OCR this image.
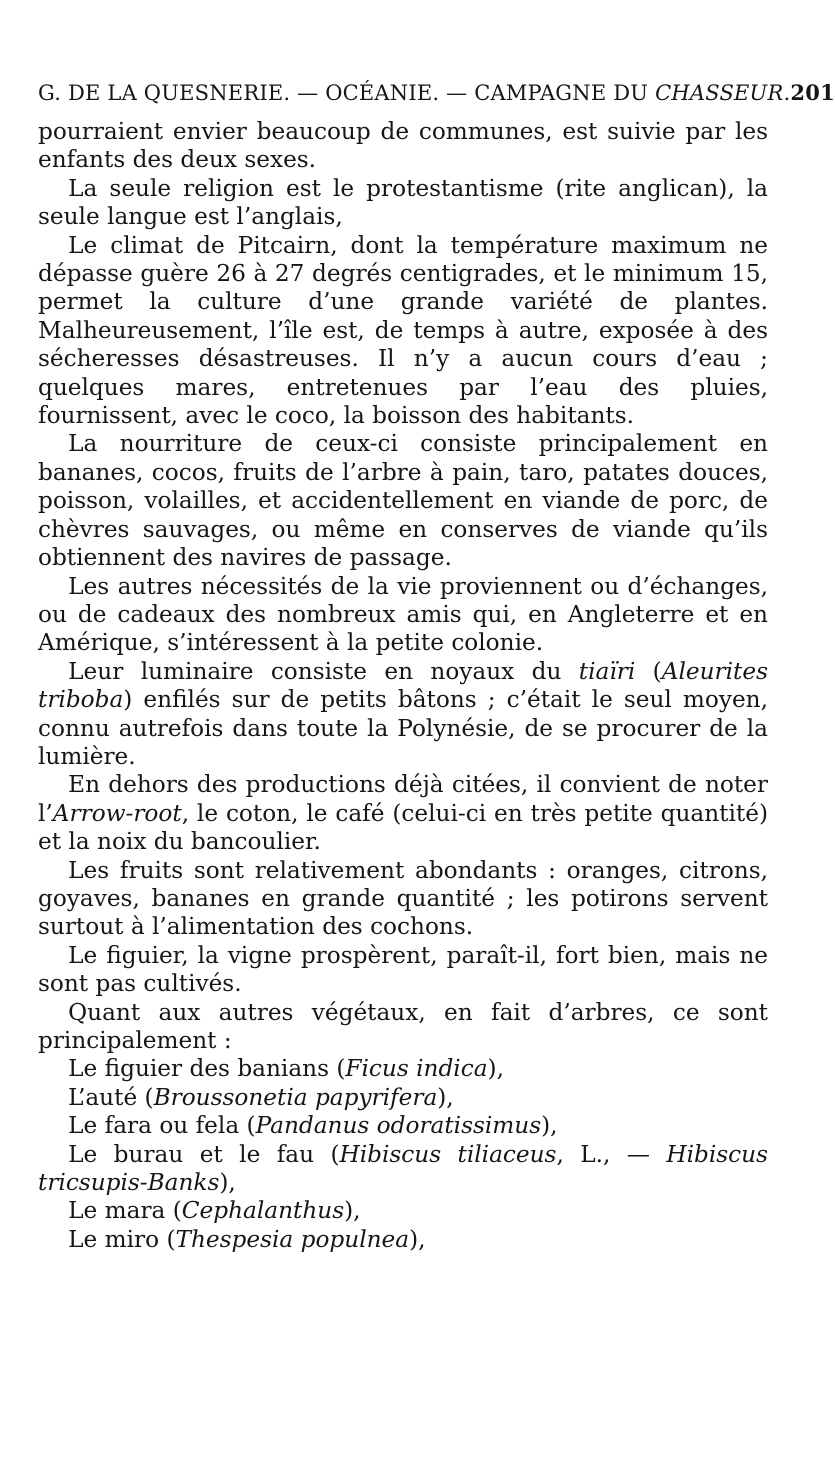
G. DE LA QUESNERIE. — OCÉANIE. — CAMPAGNE DU CHASSEUR. 201

pourraient envier beaucoup de communes, est suivie par les enfants des deux sexes.

La seule religion est le protestantisme (rite anglican), la seule langue est l’anglais,

Le climat de Pitcairn, dont la température maximum ne dépasse guère 26 à 27 degrés centigrades, et le minimum 15, permet la culture d’une grande variété de plantes. Malheureusement, l’île est, de temps à autre, exposée à des sécheresses désastreuses. Il n’y a aucun cours d’eau ; quelques mares, entretenues par l’eau des pluies, fournissent, avec le coco, la boisson des habitants.

La nourriture de ceux-ci consiste principalement en bananes, cocos, fruits de l’arbre à pain, taro, patates douces, poisson, volailles, et accidentellement en viande de porc, de chèvres sauvages, ou même en conserves de viande qu’ils obtiennent des navires de passage.

Les autres nécessités de la vie proviennent ou d’échanges, ou de cadeaux des nombreux amis qui, en Angleterre et en Amérique, s’intéressent à la petite colonie.

Leur luminaire consiste en noyaux du tiaïri (Aleurites triboba) enfilés sur de petits bâtons ; c’était le seul moyen, connu autrefois dans toute la Polynésie, de se procurer de la lumière.

En dehors des productions déjà citées, il convient de noter l’Arrow-root, le coton, le café (celui-ci en très petite quantité) et la noix du bancoulier.

Les fruits sont relativement abondants : oranges, citrons, goyaves, bananes en grande quantité ; les potirons servent surtout à l’alimentation des cochons.

Le figuier, la vigne prospèrent, paraît-il, fort bien, mais ne sont pas cultivés.

Quant aux autres végétaux, en fait d’arbres, ce sont principalement :

Le figuier des banians (Ficus indica),

L’auté (Broussonetia papyrifera),

Le fara ou fela (Pandanus odoratissimus),

Le burau et le fau (Hibiscus tiliaceus, L., — Hibiscus tricsupis-Banks),

Le mara (Cephalanthus),

Le miro (Thespesia populnea),
